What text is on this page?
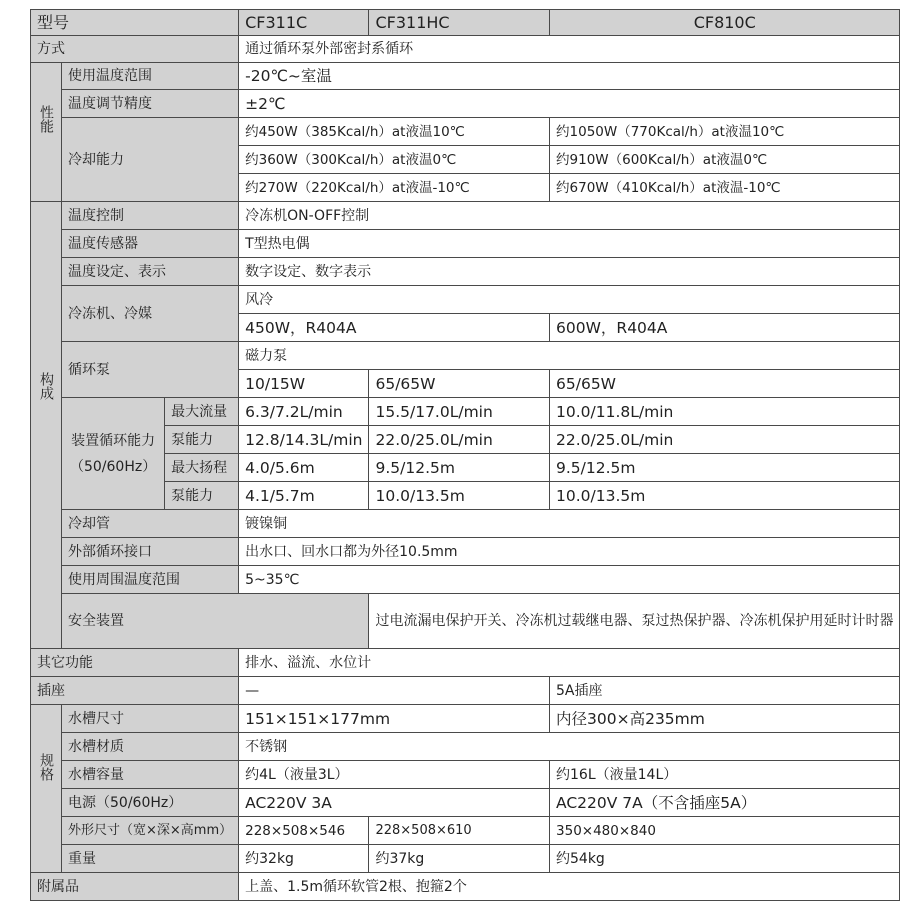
型号			CF311C	CF311HC	CF810C
方式			通过循环泵外部密封系循环		
性能	使用温度范围		-20℃~室温		
	温度调节精度		±2℃		
	冷却能力		约450W（385Kcal/h）at液温10℃		约1050W（770Kcal/h）at液温10℃
			约360W（300Kcal/h）at液温0℃		约910W（600Kcal/h）at液温0℃
			约270W（220Kcal/h）at液温-10℃		约670W（410Kcal/h）at液温-10℃
构成	温度控制		冷冻机ON-OFF控制		
	温度传感器		T型热电偶		
	温度设定、表示		数字设定、数字表示		
	冷冻机、冷媒		风冷		
			450W，R404A		600W，R404A
	循环泵		磁力泵		
			10/15W	65/65W	65/65W

	装置循环能力
（50/60Hz）	最大流量	6.3/7.2L/min	15.5/17.0L/min	10.0/11.8L/min
		泵能力	12.8/14.3L/min	22.0/25.0L/min	22.0/25.0L/min
		最大扬程	4.0/5.6m	9.5/12.5m	9.5/12.5m
		泵能力	4.1/5.7m	10.0/13.5m	10.0/13.5m
	冷却管		镀镍铜		
	外部循环接口		出水口、回水口都为外径10.5mm		
	使用周围温度范围		5~35℃		
	安全装置			过电流漏电保护开关、冷冻机过载继电器、泵过热保护器、冷冻机保护用延时计时器	
其它功能			排水、溢流、水位计		
插座			—		5A插座
规格	水槽尺寸		151×151×177mm		内径300×高235mm
	水槽材质		不锈钢		
	水槽容量		约4L（液量3L）		约16L（液量14L）
	电源（50/60Hz）		AC220V 3A		AC220V 7A（不含插座5A）
	外形尺寸（宽×深×高mm）		228×508×546	228×508×610	350×480×840
	重量		约32kg	约37kg	约54kg
附属品			上盖、1.5m循环软管2根、抱箍2个		
